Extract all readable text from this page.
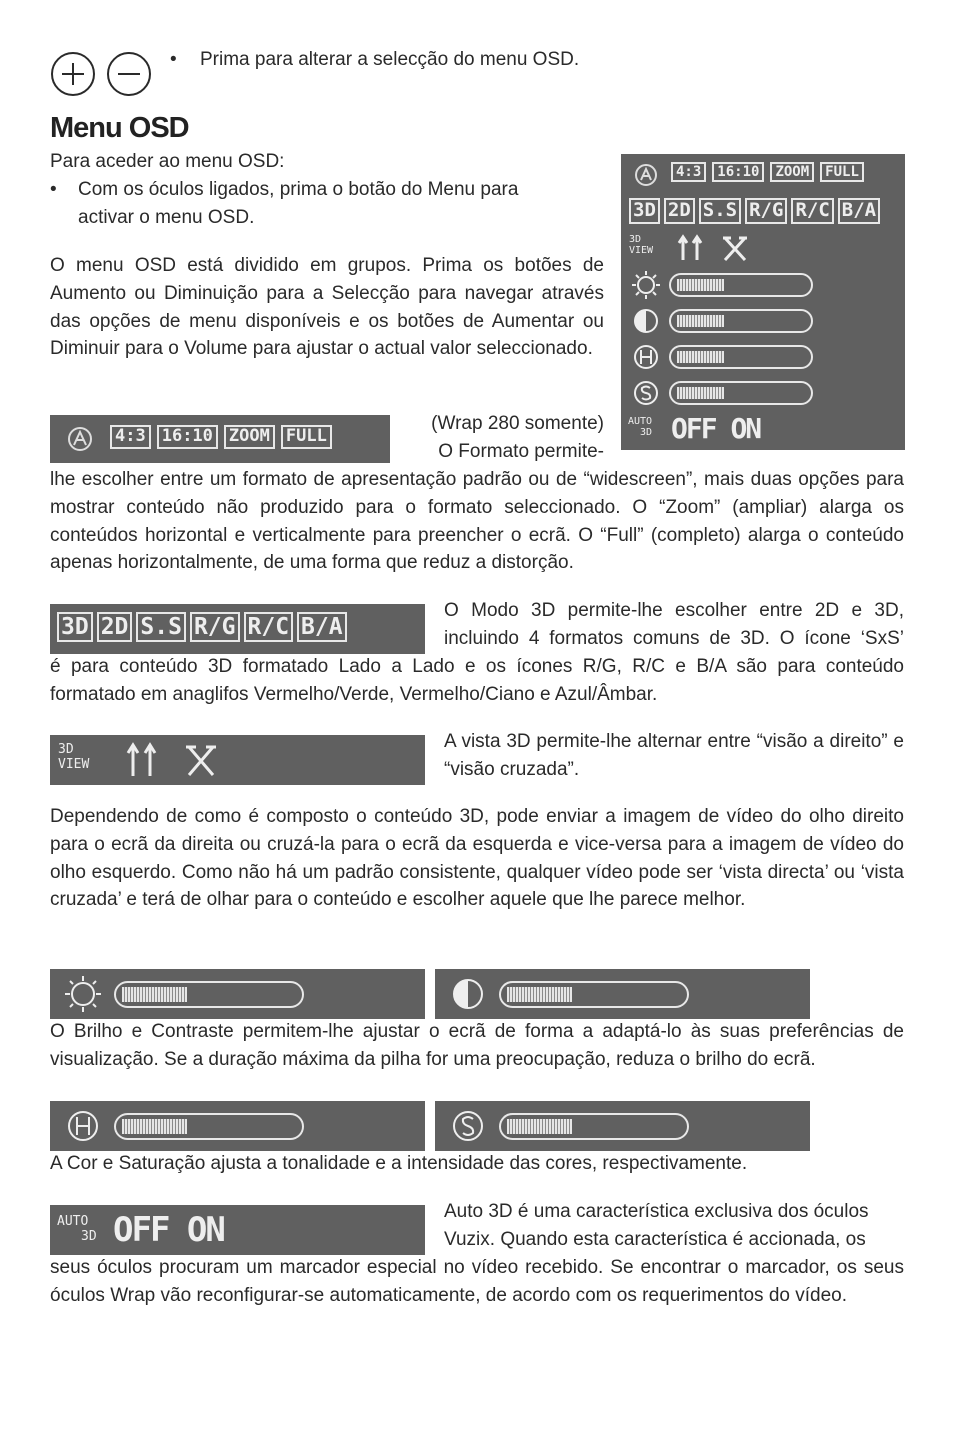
• Prima para alterar a selecção do menu OSD.
Menu OSD
Para aceder ao menu OSD:
• Com os óculos ligados, prima o botão do Menu para activar o menu OSD.
O menu OSD está dividido em grupos. Prima os botões de Aumento ou Diminuição para a Selecção para navegar através das opções de menu disponíveis e os botões de Aumentar ou Diminuir para o Volume para ajustar o actual valor seleccionado.
4:3 16:10 ZOOM FULL
3D 2D S.S R/G R/C B/A
3D
VIEW
AUTO
3D OFF ON
4:3 16:10 ZOOM FULL
(Wrap 280 somente)
O Formato permite-
lhe escolher entre um formato de apresentação padrão ou de “widescreen”, mais duas opções para mostrar conteúdo não produzido para o formato seleccionado. O “Zoom” (ampliar) alarga os conteúdos horizontal e verticalmente para preencher o ecrã. O “Full” (completo) alarga o conteúdo apenas horizontalmente, de uma forma que reduz a distorção.
3D 2D S.S R/G R/C B/A
O Modo 3D permite-lhe escolher entre 2D e 3D,
incluindo 4 formatos comuns de 3D. O ícone ‘SxS’
é para conteúdo 3D formatado Lado a Lado e os ícones R/G, R/C e B/A são para conteúdo formatado em anaglifos Vermelho/Verde, Vermelho/Ciano e Azul/Âmbar.
3D
VIEW
A vista 3D permite-lhe alternar entre “visão a direito” e “visão cruzada”.
Dependendo de como é composto o conteúdo 3D, pode enviar a imagem de vídeo do olho direito para o ecrã da direita ou cruzá-la para o ecrã da esquerda e vice-versa para a imagem de vídeo do olho esquerdo. Como não há um padrão consistente, qualquer vídeo pode ser ‘vista directa’ ou ‘vista cruzada’ e terá de olhar para o conteúdo e escolher aquele que lhe parece melhor.
O Brilho e Contraste permitem-lhe ajustar o ecrã de forma a adaptá-lo às suas preferências de visualização. Se a duração máxima da pilha for uma preocupação, reduza o brilho do ecrã.
A Cor e Saturação ajusta a tonalidade e a intensidade das cores, respectivamente.
AUTO
3D OFF ON	Auto 3D é uma característica exclusiva dos óculos
Vuzix. Quando esta característica é accionada, os
seus óculos procuram um marcador especial no vídeo recebido. Se encontrar o marcador, os seus óculos Wrap vão reconfigurar-se automaticamente, de acordo com os requerimentos do vídeo.
